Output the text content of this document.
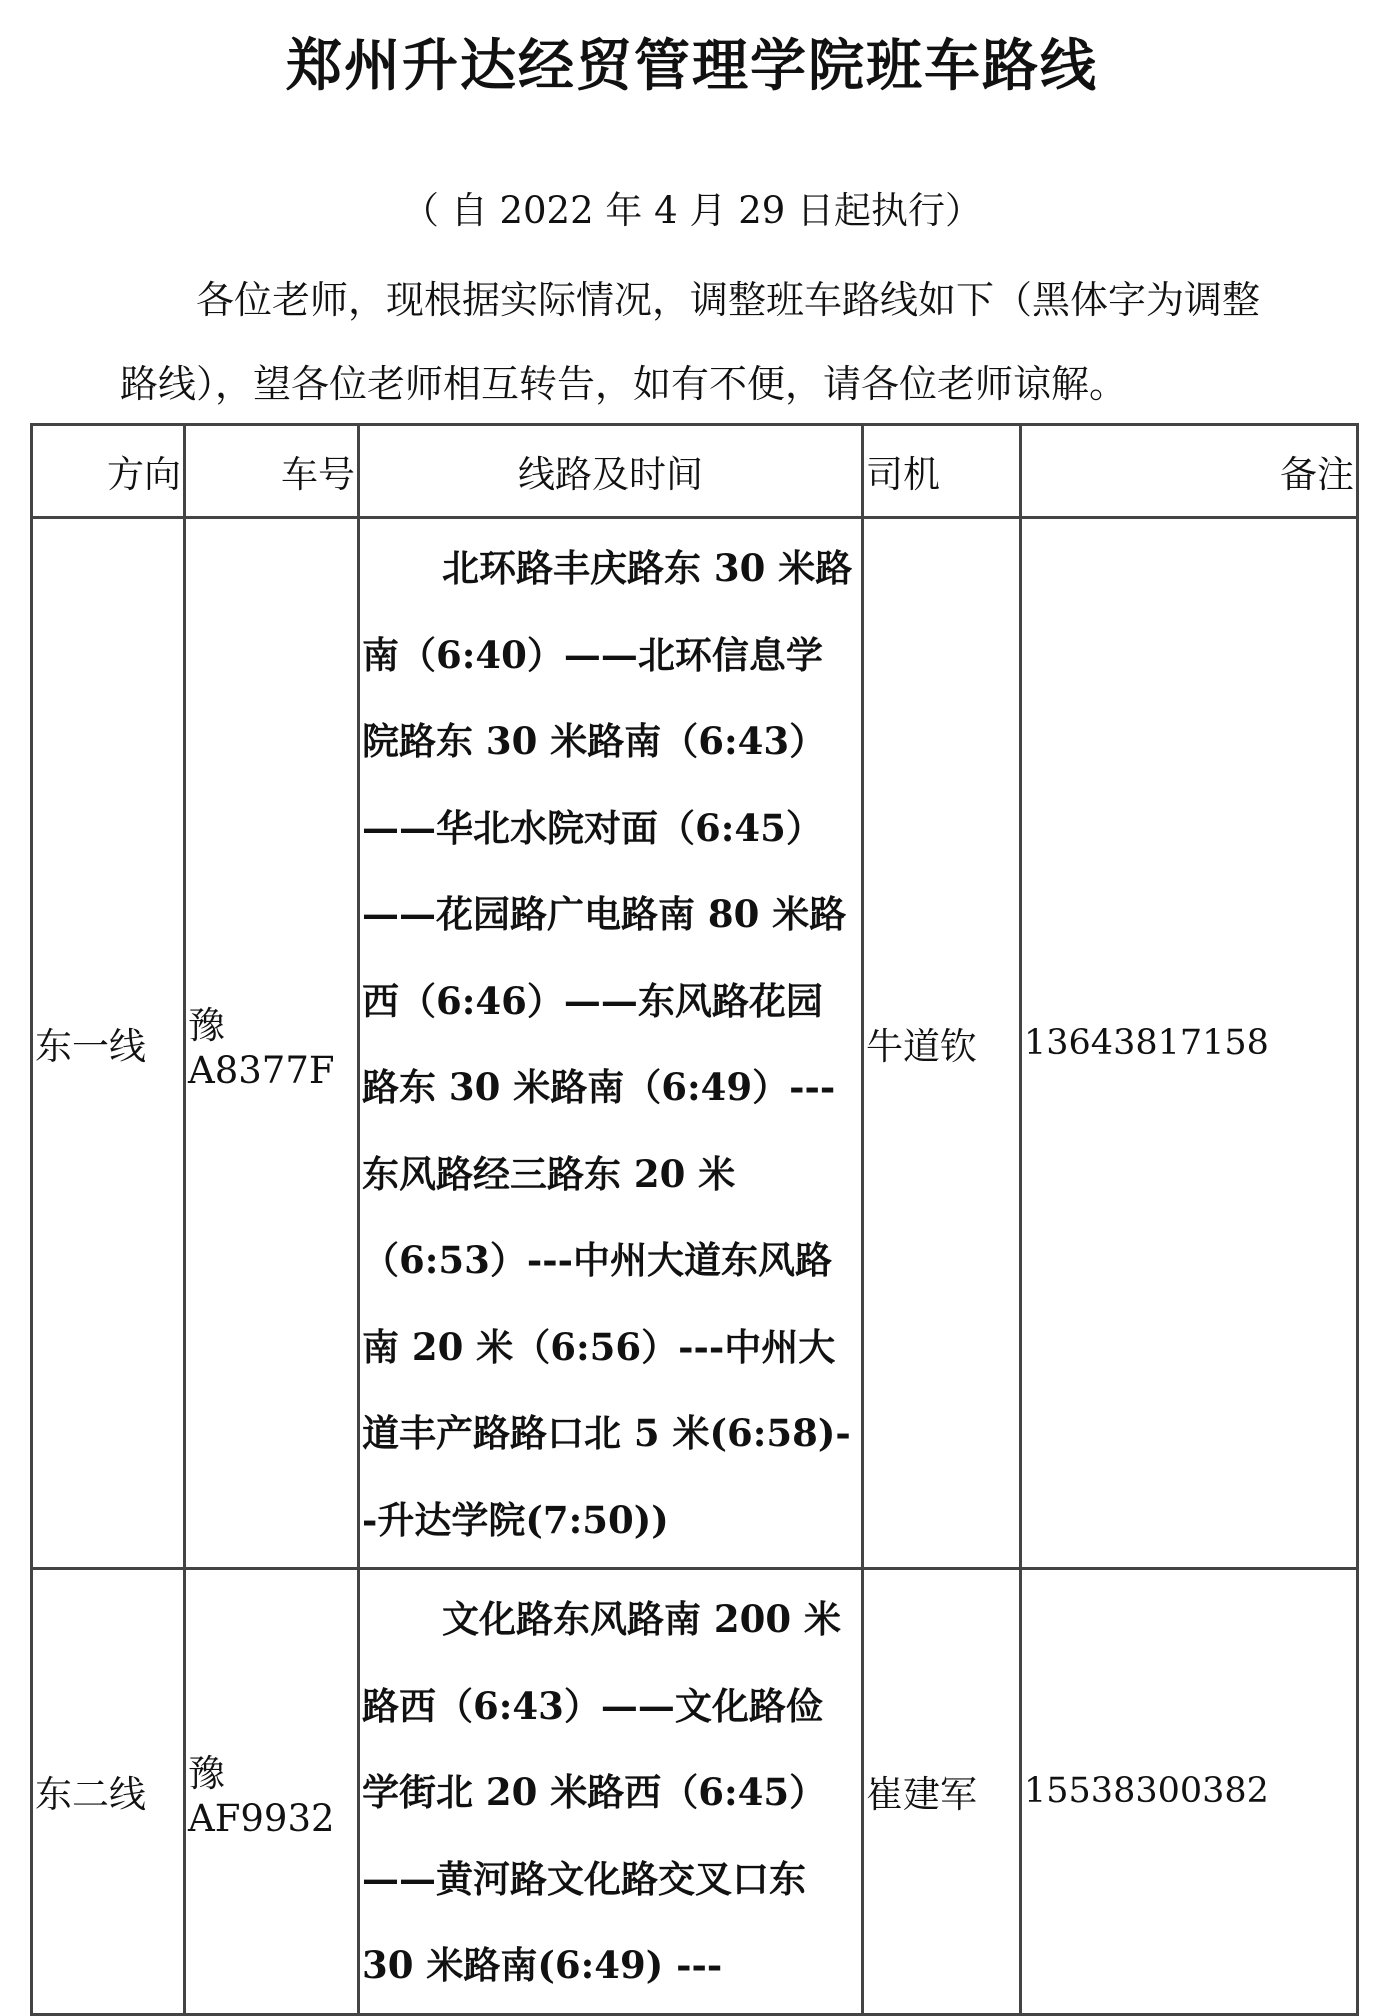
郑州升达经贸管理学院班车路线

（ 自 2022 年 4 月 29 日起执行）

各位老师，现根据实际情况，调整班车路线如下（黑体字为调整路线），望各位老师相互转告，如有不便，请各位老师谅解。

方向	车号	线路及时间	司机	备注
东一线	豫 A8377F	北环路丰庆路东 30 米路南（6:40）——北环信息学院路东 30 米路南（6:43）——华北水院对面（6:45）——花园路广电路南 80 米路西（6:46）——东风路花园路东 30 米路南（6:49）---东风路经三路东 20 米（6:53）---中州大道东风路南 20 米（6:56）---中州大道丰产路路口北 5 米(6:58)--升达学院(7:50))	牛道钦	13643817158
东二线	豫 AF9932	文化路东风路南 200 米路西（6:43）——文化路俭学街北 20 米路西（6:45）——黄河路文化路交叉口东 30 米路南(6:49) ---	崔建军	15538300382
